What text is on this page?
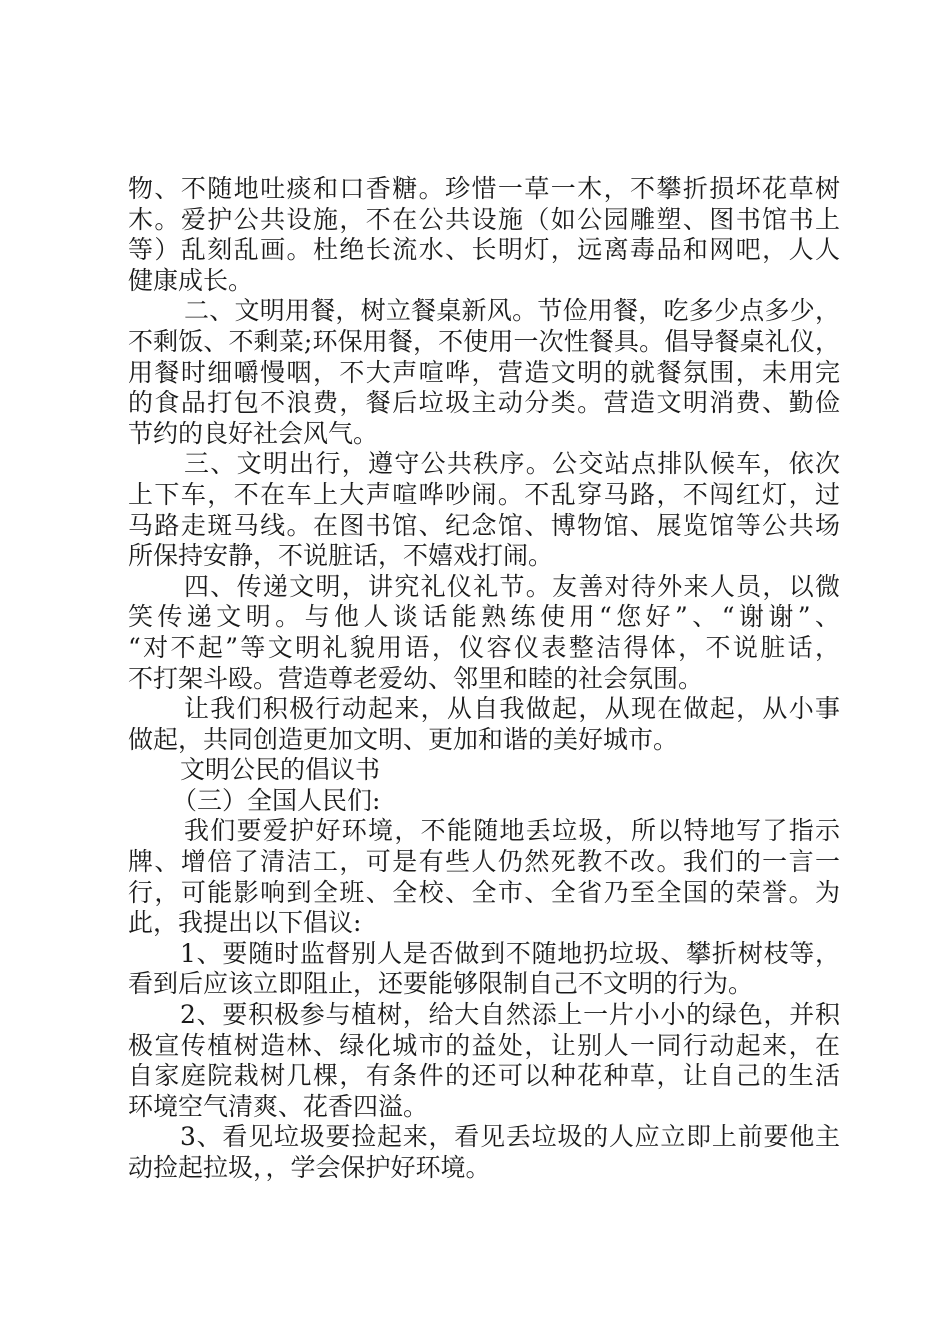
物、不随地吐痰和口香糖。珍惜一草一木，不攀折损坏花草树
木。爱护公共设施，不在公共设施（如公园雕塑、图书馆书上
等）乱刻乱画。杜绝长流水、长明灯，远离毒品和网吧，人人
健康成长。
二、文明用餐，树立餐桌新风。节俭用餐，吃多少点多少，
不剩饭、不剩菜;环保用餐，不使用一次性餐具。倡导餐桌礼仪，
用餐时细嚼慢咽，不大声喧哗，营造文明的就餐氛围，未用完
的食品打包不浪费，餐后垃圾主动分类。营造文明消费、勤俭
节约的良好社会风气。
三、文明出行，遵守公共秩序。公交站点排队候车，依次
上下车，不在车上大声喧哗吵闹。不乱穿马路，不闯红灯，过
马路走斑马线。在图书馆、纪念馆、博物馆、展览馆等公共场
所保持安静，不说脏话，不嬉戏打闹。
四、传递文明，讲究礼仪礼节。友善对待外来人员，以微
笑传递文明。与他人谈话能熟练使用“您好”、“谢谢”、
“对不起”等文明礼貌用语，仪容仪表整洁得体，不说脏话，
不打架斗殴。营造尊老爱幼、邻里和睦的社会氛围。
让我们积极行动起来，从自我做起，从现在做起，从小事
做起，共同创造更加文明、更加和谐的美好城市。
文明公民的倡议书
（三）全国人民们:
我们要爱护好环境，不能随地丢垃圾，所以特地写了指示
牌、增倍了清洁工，可是有些人仍然死教不改。我们的一言一
行，可能影响到全班、全校、全市、全省乃至全国的荣誉。为
此，我提出以下倡议:
1、要随时监督别人是否做到不随地扔垃圾、攀折树枝等，
看到后应该立即阻止，还要能够限制自己不文明的行为。
2、要积极参与植树，给大自然添上一片小小的绿色，并积
极宣传植树造林、绿化城市的益处，让别人一同行动起来，在
自家庭院栽树几棵，有条件的还可以种花种草，让自己的生活
环境空气清爽、花香四溢。
3、看见垃圾要捡起来，看见丢垃圾的人应立即上前要他主
动捡起拉圾，，学会保护好环境。
